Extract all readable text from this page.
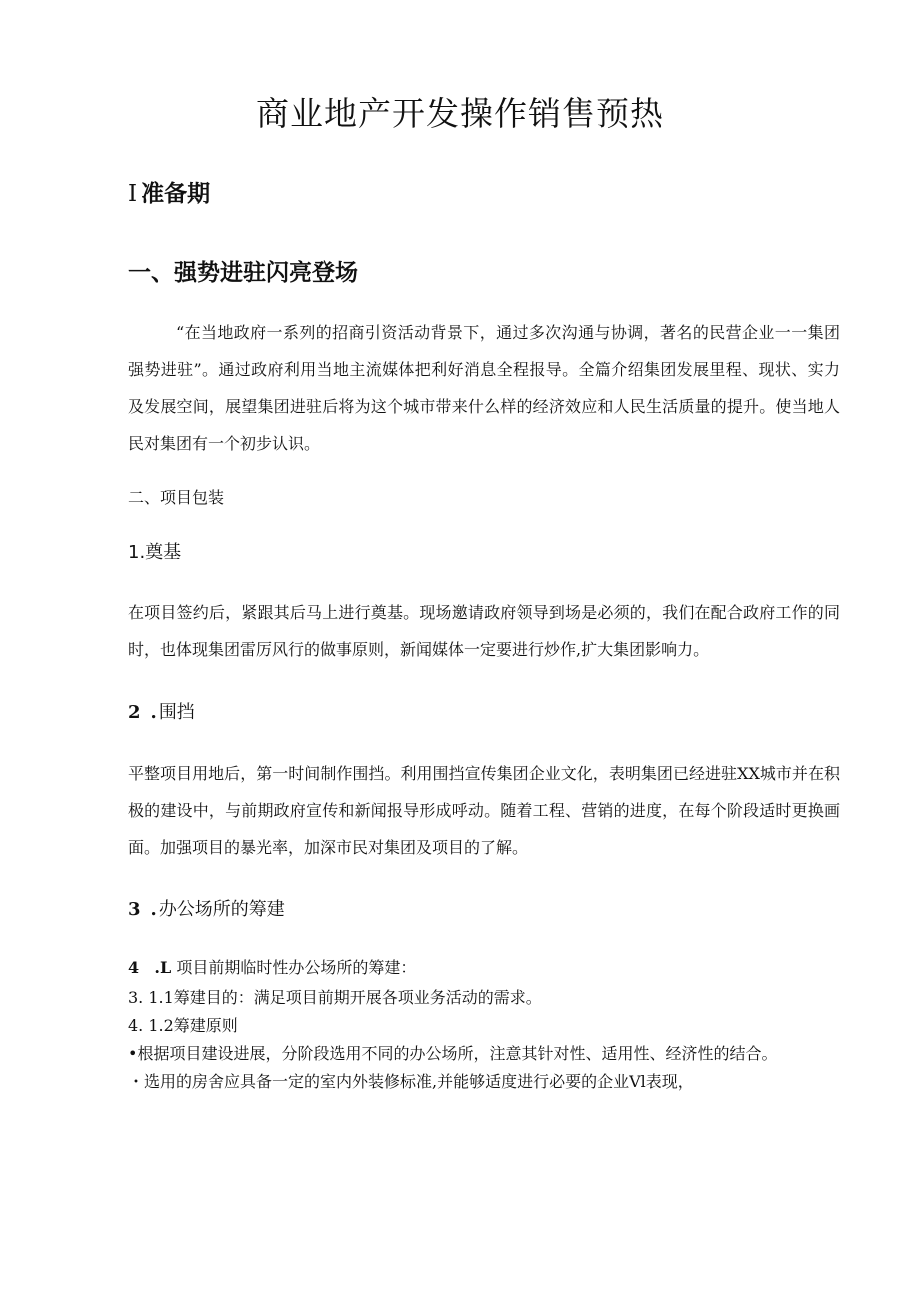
商业地产开发操作销售预热
I 准备期
一、强势进驻闪亮登场

“在当地政府一系列的招商引资活动背景下，通过多次沟通与协调，著名的民营企业一一集团强势进驻”。通过政府利用当地主流媒体把利好消息全程报导。全篇介绍集团发展里程、现状、实力及发展空间，展望集团进驻后将为这个城市带来什么样的经济效应和人民生活质量的提升。使当地人民对集团有一个初步认识。

二、项目包装

1.奠基

在项目签约后，紧跟其后马上进行奠基。现场邀请政府领导到场是必须的，我们在配合政府工作的同时，也体现集团雷厉风行的做事原则，新闻媒体一定要进行炒作,扩大集团影响力。

2 . 围挡

平整项目用地后，第一时间制作围挡。利用围挡宣传集团企业文化，表明集团已经进驻XX城市并在积极的建设中，与前期政府宣传和新闻报导形成呼动。随着工程、营销的进度，在每个阶段适时更换画面。加强项目的暴光率，加深市民对集团及项目的了解。

3 . 办公场所的筹建

4 .L 项目前期临时性办公场所的筹建：

3. 1.1筹建目的：满足项目前期开展各项业务活动的需求。

4. 1.2筹建原则

•根据项目建设进展，分阶段选用不同的办公场所，注意其针对性、适用性、经济性的结合。

・选用的房舍应具备一定的室内外装修标准,并能够适度进行必要的企业Vl表现，
